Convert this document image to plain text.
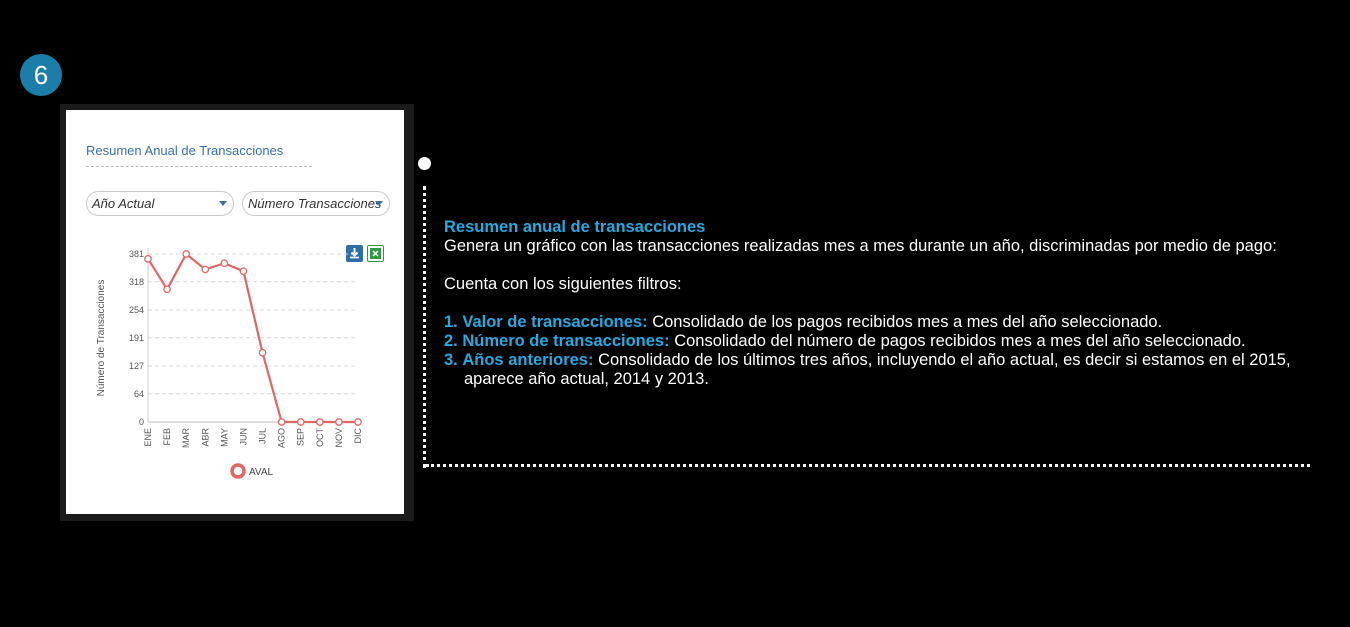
6
Resumen Anual de Transacciones
Año Actual	Número Transacciones
0
64
127
191
254
318
381
ENE FEB MAR ABR MAY JUN JUL AGO SEP OCT NOV DIC
Número de Transacciones
AVAL

Resumen anual de transacciones

Genera un gráfico con las transacciones realizadas mes a mes durante un año, discriminadas por medio de pago:

Cuenta con los siguientes filtros:

1. Valor de transacciones: Consolidado de los pagos recibidos mes a mes del año seleccionado.

2. Número de transacciones: Consolidado del número de pagos recibidos mes a mes del año seleccionado.

3. Años anteriores: Consolidado de los últimos tres años, incluyendo el año actual, es decir si estamos en el 2015, aparece año actual, 2014 y 2013.
